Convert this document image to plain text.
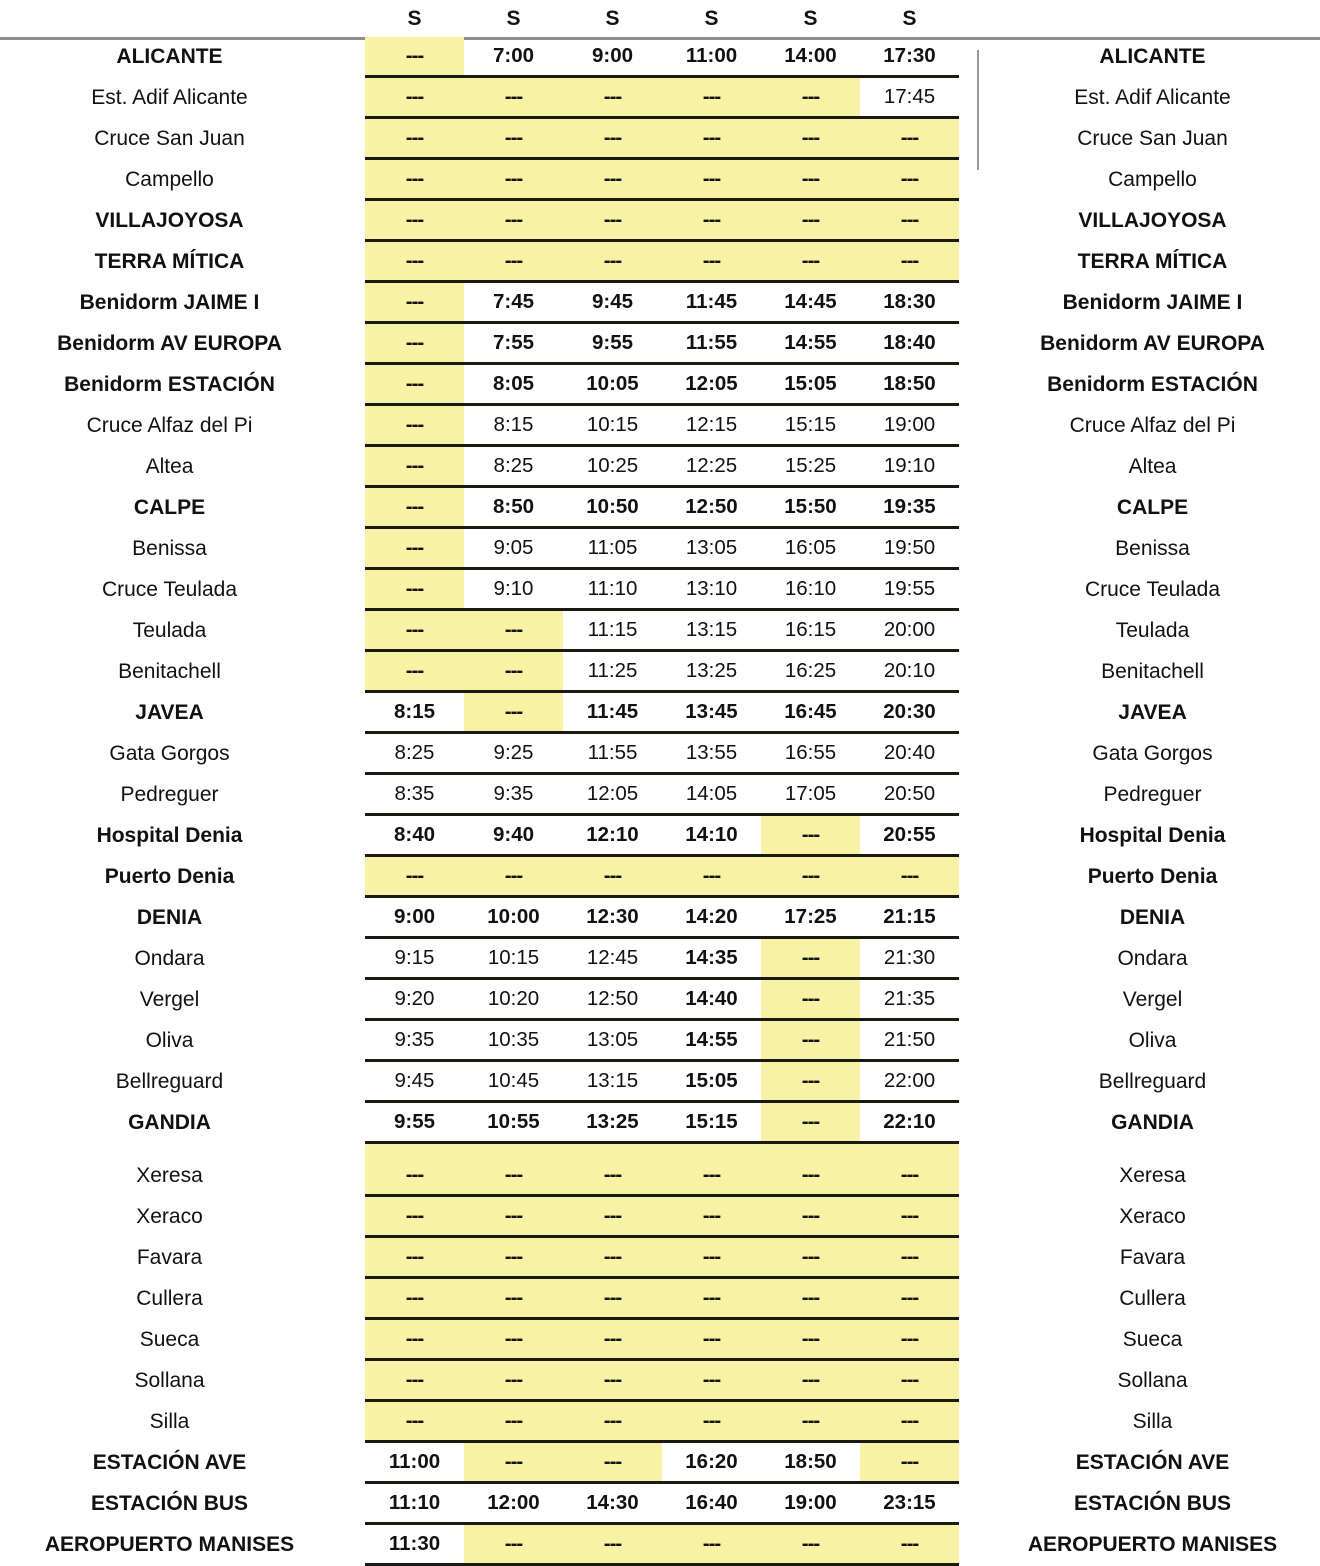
	S	S	S	S	S	S	
ALICANTE	---	7:00	9:00	11:00	14:00	17:30	ALICANTE
Est. Adif Alicante	---	---	---	---	---	17:45	Est. Adif Alicante
Cruce San Juan	---	---	---	---	---	---	Cruce San Juan
Campello	---	---	---	---	---	---	Campello
VILLAJOYOSA	---	---	---	---	---	---	VILLAJOYOSA
TERRA MÍTICA	---	---	---	---	---	---	TERRA MÍTICA
Benidorm JAIME I	---	7:45	9:45	11:45	14:45	18:30	Benidorm JAIME I
Benidorm AV EUROPA	---	7:55	9:55	11:55	14:55	18:40	Benidorm AV EUROPA
Benidorm ESTACIÓN	---	8:05	10:05	12:05	15:05	18:50	Benidorm ESTACIÓN
Cruce Alfaz del Pi	---	8:15	10:15	12:15	15:15	19:00	Cruce Alfaz del Pi
Altea	---	8:25	10:25	12:25	15:25	19:10	Altea
CALPE	---	8:50	10:50	12:50	15:50	19:35	CALPE
Benissa	---	9:05	11:05	13:05	16:05	19:50	Benissa
Cruce Teulada	---	9:10	11:10	13:10	16:10	19:55	Cruce Teulada
Teulada	---	---	11:15	13:15	16:15	20:00	Teulada
Benitachell	---	---	11:25	13:25	16:25	20:10	Benitachell
JAVEA	8:15	---	11:45	13:45	16:45	20:30	JAVEA
Gata Gorgos	8:25	9:25	11:55	13:55	16:55	20:40	Gata Gorgos
Pedreguer	8:35	9:35	12:05	14:05	17:05	20:50	Pedreguer
Hospital Denia	8:40	9:40	12:10	14:10	---	20:55	Hospital Denia
Puerto Denia	---	---	---	---	---	---	Puerto Denia
DENIA	9:00	10:00	12:30	14:20	17:25	21:15	DENIA
Ondara	9:15	10:15	12:45	14:35	---	21:30	Ondara
Vergel	9:20	10:20	12:50	14:40	---	21:35	Vergel
Oliva	9:35	10:35	13:05	14:55	---	21:50	Oliva
Bellreguard	9:45	10:45	13:15	15:05	---	22:00	Bellreguard
GANDIA	9:55	10:55	13:25	15:15	---	22:10	GANDIA

Xeresa	---	---	---	---	---	---	Xeresa
Xeraco	---	---	---	---	---	---	Xeraco
Favara	---	---	---	---	---	---	Favara
Cullera	---	---	---	---	---	---	Cullera
Sueca	---	---	---	---	---	---	Sueca
Sollana	---	---	---	---	---	---	Sollana
Silla	---	---	---	---	---	---	Silla
ESTACIÓN AVE	11:00	---	---	16:20	18:50	---	ESTACIÓN AVE
ESTACIÓN BUS	11:10	12:00	14:30	16:40	19:00	23:15	ESTACIÓN BUS
AEROPUERTO MANISES	11:30	---	---	---	---	---	AEROPUERTO MANISES
